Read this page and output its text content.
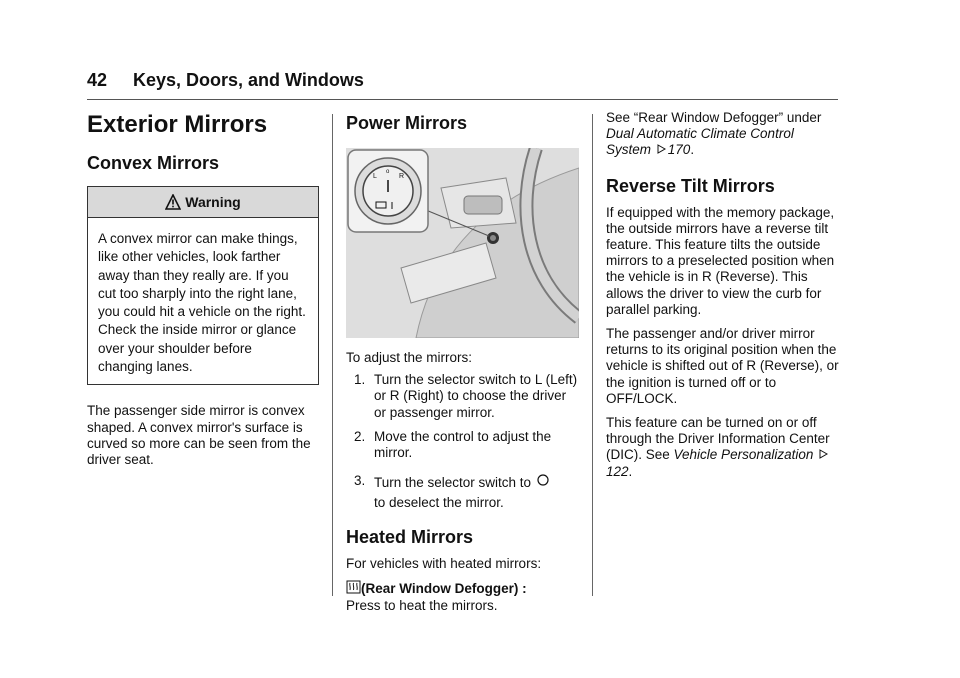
42 Keys, Doors, and Windows
Exterior Mirrors
Convex Mirrors
Warning
A convex mirror can make things, like other vehicles, look farther away than they really are. If you cut too sharply into the right lane, you could hit a vehicle on the right. Check the inside mirror or glance over your shoulder before changing lanes.

The passenger side mirror is convex shaped. A convex mirror's surface is curved so more can be seen from the driver seat.

Power Mirrors
L
o
R

To adjust the mirrors:

1. Turn the selector switch to L (Left) or R (Right) to choose the driver or passenger mirror.
2. Move the control to adjust the mirror.
3. Turn the selector switch to
to deselect the mirror.
Heated Mirrors

For vehicles with heated mirrors:

(Rear Window Defogger) :
Press to heat the mirrors.

See “Rear Window Defogger” under Dual Automatic Climate Control System 170.

Reverse Tilt Mirrors

If equipped with the memory package, the outside mirrors have a reverse tilt feature. This feature tilts the outside mirrors to a preselected position when the vehicle is in R (Reverse). This allows the driver to view the curb for parallel parking.

The passenger and/or driver mirror returns to its original position when the vehicle is shifted out of R (Reverse), or the ignition is turned off or to OFF/LOCK.

This feature can be turned on or off through the Driver Information Center (DIC). See Vehicle Personalization 122.
